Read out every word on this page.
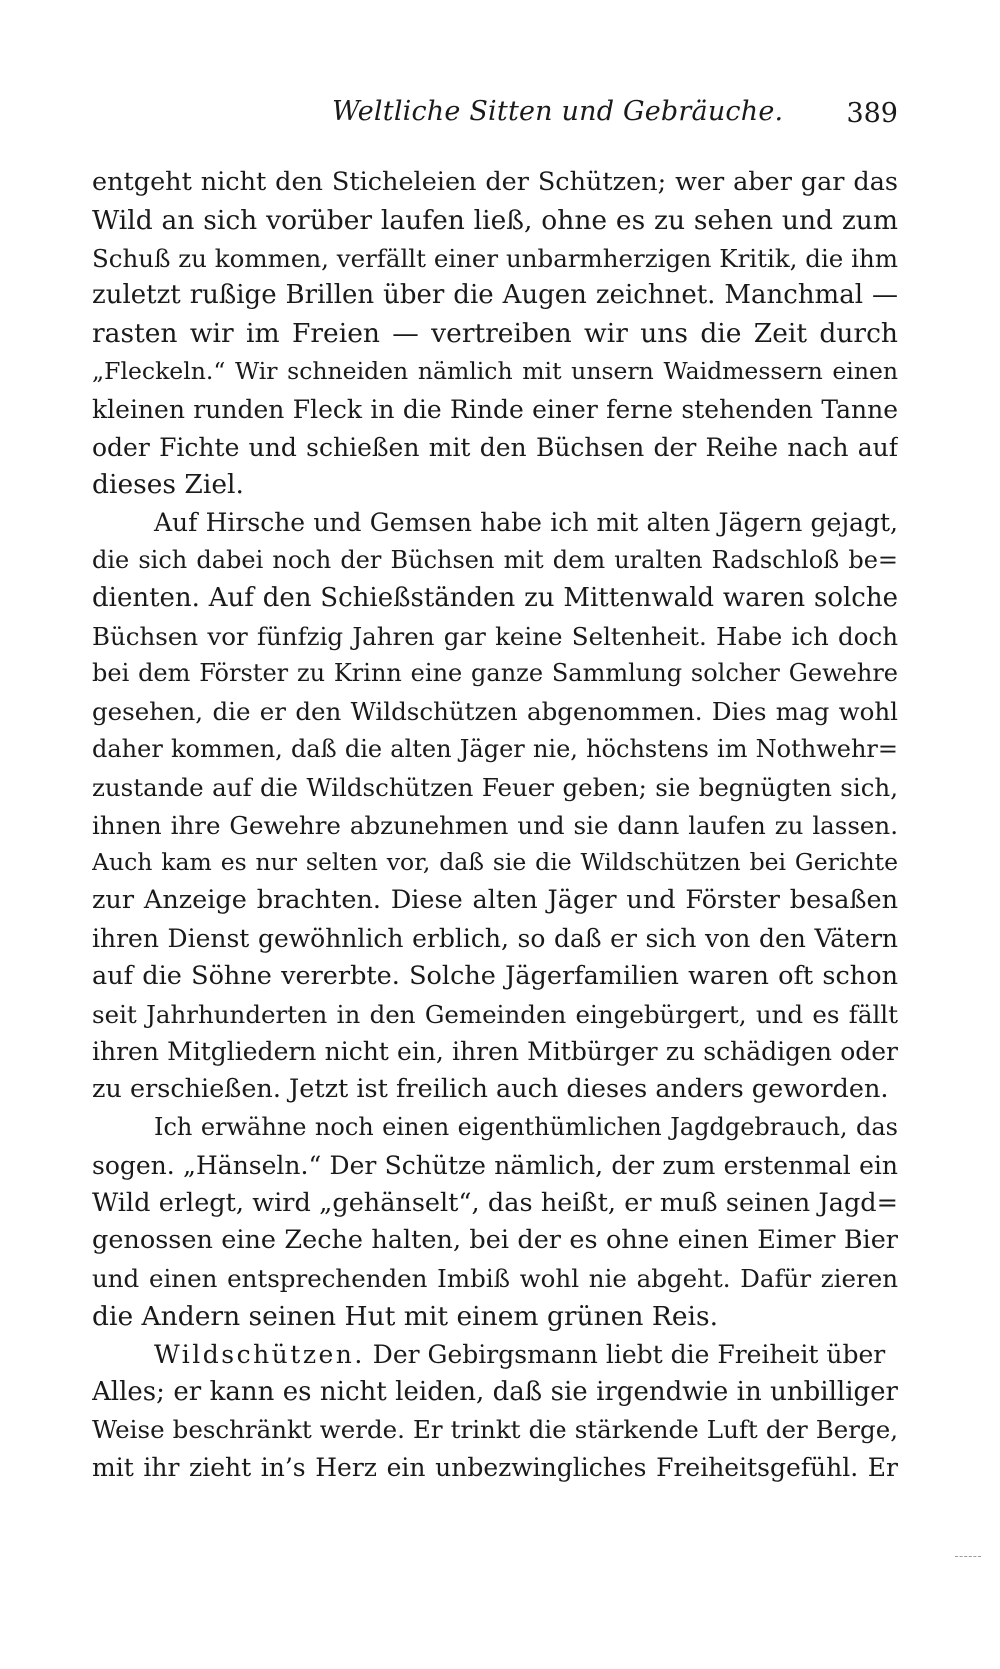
Weltliche Sitten und Gebräuche. 389
entgeht nicht den Sticheleien der Schützen; wer aber gar das
Wild an sich vorüber laufen ließ, ohne es zu sehen und zum
Schuß zu kommen, verfällt einer unbarmherzigen Kritik, die ihm
zuletzt rußige Brillen über die Augen zeichnet. Manchmal —
rasten wir im Freien — vertreiben wir uns die Zeit durch
„Fleckeln.“ Wir schneiden nämlich mit unsern Waidmessern einen
kleinen runden Fleck in die Rinde einer ferne stehenden Tanne
oder Fichte und schießen mit den Büchsen der Reihe nach auf
dieses Ziel.
Auf Hirsche und Gemsen habe ich mit alten Jägern gejagt,
die sich dabei noch der Büchsen mit dem uralten Radschloß be=
dienten. Auf den Schießständen zu Mittenwald waren solche
Büchsen vor fünfzig Jahren gar keine Seltenheit. Habe ich doch
bei dem Förster zu Krinn eine ganze Sammlung solcher Gewehre
gesehen, die er den Wildschützen abgenommen. Dies mag wohl
daher kommen, daß die alten Jäger nie, höchstens im Nothwehr=
zustande auf die Wildschützen Feuer geben; sie begnügten sich,
ihnen ihre Gewehre abzunehmen und sie dann laufen zu lassen.
Auch kam es nur selten vor, daß sie die Wildschützen bei Gerichte
zur Anzeige brachten. Diese alten Jäger und Förster besaßen
ihren Dienst gewöhnlich erblich, so daß er sich von den Vätern
auf die Söhne vererbte. Solche Jägerfamilien waren oft schon
seit Jahrhunderten in den Gemeinden eingebürgert, und es fällt
ihren Mitgliedern nicht ein, ihren Mitbürger zu schädigen oder
zu erschießen. Jetzt ist freilich auch dieses anders geworden.
Ich erwähne noch einen eigenthümlichen Jagdgebrauch, das
sogen. „Hänseln.“ Der Schütze nämlich, der zum erstenmal ein
Wild erlegt, wird „gehänselt“, das heißt, er muß seinen Jagd=
genossen eine Zeche halten, bei der es ohne einen Eimer Bier
und einen entsprechenden Imbiß wohl nie abgeht. Dafür zieren
die Andern seinen Hut mit einem grünen Reis.
Wildschützen. Der Gebirgsmann liebt die Freiheit über
Alles; er kann es nicht leiden, daß sie irgendwie in unbilliger
Weise beschränkt werde. Er trinkt die stärkende Luft der Berge,
mit ihr zieht in’s Herz ein unbezwingliches Freiheitsgefühl. Er
